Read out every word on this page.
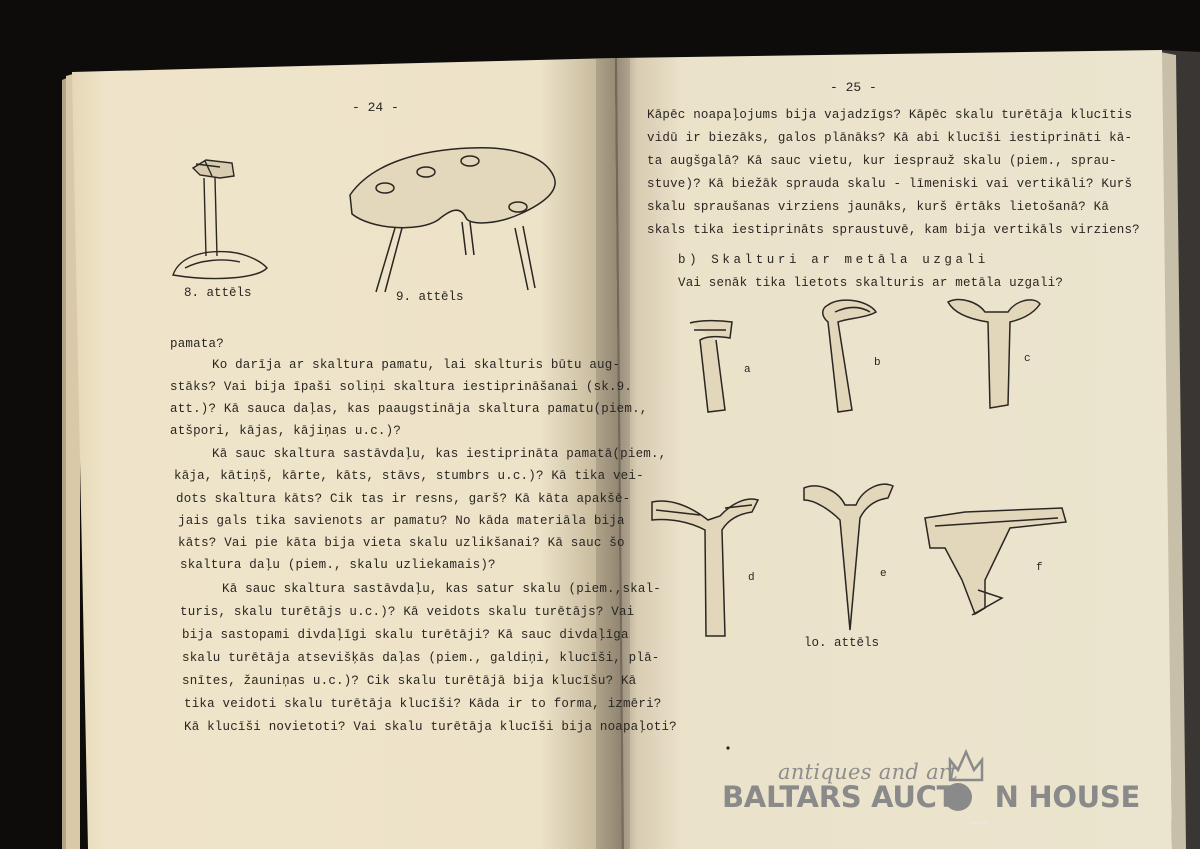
- 24 -
8. attēls	9. attēls
pamata?
Ko darīja ar skaltura pamatu, lai skalturis būtu aug-
stāks? Vai bija īpaši soliņi skaltura iestiprināšanai (sk.9.
att.)? Kā sauca daļas, kas paaugstināja skaltura pamatu(piem.,
atšpori, kājas, kājiņas u.c.)?
Kā sauc skaltura sastāvdaļu, kas iestiprināta pamatā(piem.,
kāja, kātiņš, kārte, kāts, stāvs, stumbrs u.c.)? Kā tika vei-
dots skaltura kāts? Cik tas ir resns, garš? Kā kāta apakšē-
jais gals tika savienots ar pamatu? No kāda materiāla bija
kāts? Vai pie kāta bija vieta skalu uzlikšanai? Kā sauc šo
skaltura daļu (piem., skalu uzliekamais)?
Kā sauc skaltura sastāvdaļu, kas satur skalu (piem.,skal-
turis, skalu turētājs u.c.)? Kā veidots skalu turētājs? Vai
bija sastopami divdaļīgi skalu turētāji? Kā sauc divdaļīga
skalu turētāja atsevišķās daļas (piem., galdiņi, klucīši, plā-
snītes, žauniņas u.c.)? Cik skalu turētājā bija klucīšu? Kā
tika veidoti skalu turētāja klucīši? Kāda ir to forma, izmēri?
Kā klucīši novietoti? Vai skalu turētāja klucīši bija noapaļoti?
- 25 -
Kāpēc noapaļojums bija vajadzīgs? Kāpēc skalu turētāja klucītis
vidū ir biezāks, galos plānāks? Kā abi klucīši iestiprināti kā-
ta augšgalā? Kā sauc vietu, kur iesprauž skalu (piem., sprau-
stuve)? Kā biežāk sprauda skalu - līmeniski vai vertikāli? Kurš
skalu spraušanas virziens jaunāks, kurš ērtāks lietošanā? Kā
skals tika iestiprināts spraustuvē, kam bija vertikāls virziens?
b) Skalturi ar metāla uzgali
Vai senāk tika lietots skalturis ar metāla uzgali?
a
b	c
d	e	f
lo. attēls
antiques and art
BALTARS AUCTI
.....
N HOUSE
